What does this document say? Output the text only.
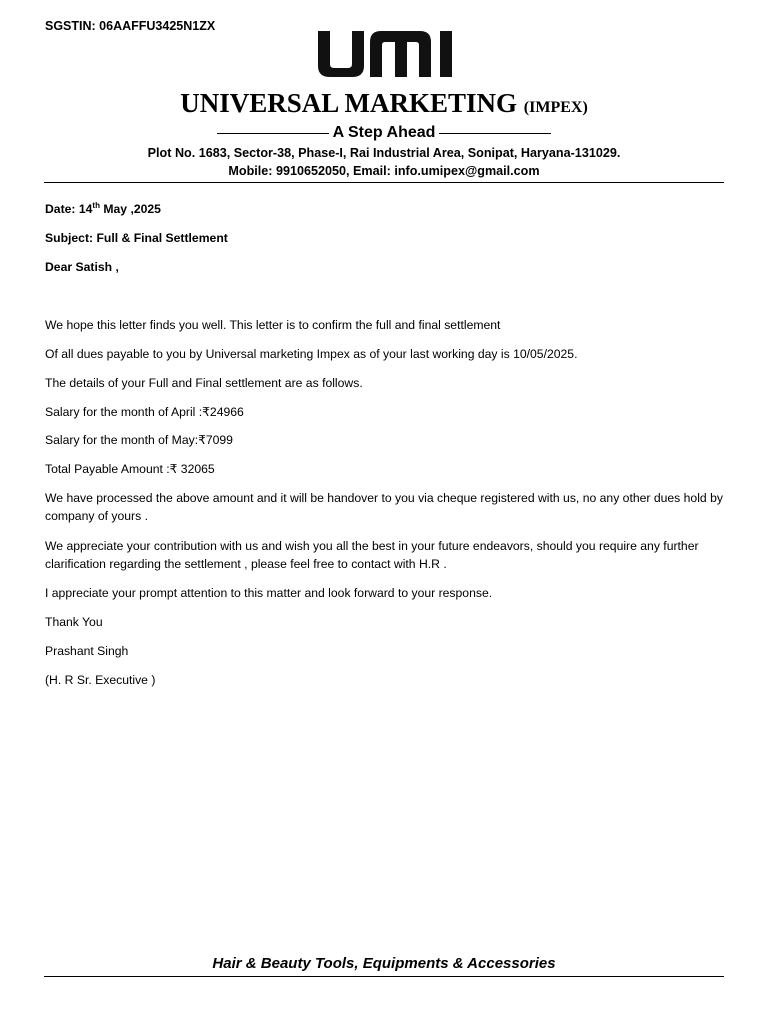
SGSTIN: 06AAFFU3425N1ZX
UNIVERSAL MARKETING (IMPEX)
A Step Ahead
Plot No. 1683, Sector-38, Phase-I, Rai Industrial Area, Sonipat, Haryana-131029.
Mobile: 9910652050, Email: info.umipex@gmail.com
Date: 14th May ,2025
Subject: Full & Final Settlement
Dear Satish ,
We hope this letter finds you well. This letter is to confirm the full and final settlement
Of all dues payable to you by Universal marketing Impex as of your last working day is 10/05/2025.
The details of your Full and Final settlement are as follows.
Salary for the month of April :₹24966
Salary for the month of May:₹7099
Total Payable Amount :₹ 32065
We have processed the above amount and it will be handover to you via cheque registered with us, no any other dues hold by company of yours .
We appreciate your contribution with us and wish you all the best in your future endeavors, should you require any further clarification regarding the settlement , please feel free to contact with H.R .
I appreciate your prompt attention to this matter and look forward to your response.
Thank You
Prashant Singh
(H. R Sr. Executive )
Hair & Beauty Tools, Equipments & Accessories
